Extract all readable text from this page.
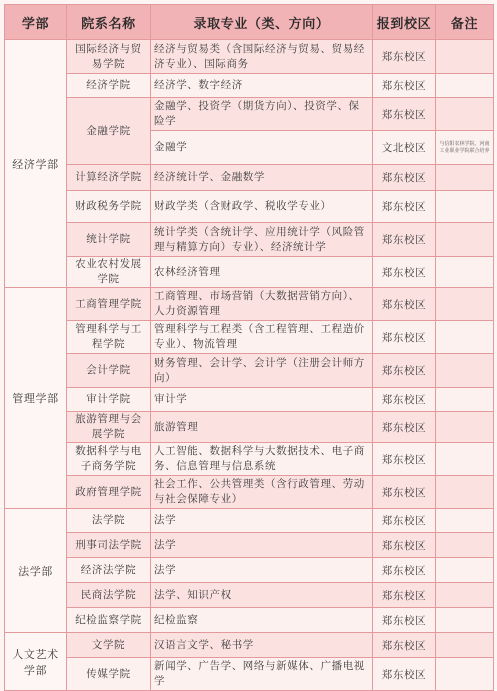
学部	院系名称	录取专业（类、方向）	报到校区	备注
经济学部	国际经济与贸易学院	经济与贸易类（含国际经济与贸易、贸易经济专业）、国际商务	郑东校区	
	经济学院	经济学、数字经济	郑东校区	
	金融学院	金融学、投资学（期货方向）、投资学、保险学	郑东校区	
		金融学	文北校区	与信阳农林学院、河南工业职业学院联合培养
	计算经济学院	经济统计学、金融数学	郑东校区	
	财政税务学院	财政学类（含财政学、税收学专业）	郑东校区	
	统计学院	统计学类（含统计学、应用统计学（风险管理与精算方向）专业）、经济统计学	郑东校区	
	农业农村发展学院	农林经济管理	郑东校区	
管理学部	工商管理学院	工商管理、市场营销（大数据营销方向）、人力资源管理	郑东校区	
	管理科学与工程学院	管理科学与工程类（含工程管理、工程造价专业）、物流管理	郑东校区	
	会计学院	财务管理、会计学、会计学（注册会计师方向）	郑东校区	
	审计学院	审计学	郑东校区	
	旅游管理与会展学院	旅游管理	郑东校区	
	数据科学与电子商务学院	人工智能、数据科学与大数据技术、电子商务、信息管理与信息系统	郑东校区	
	政府管理学院	社会工作、公共管理类（含行政管理、劳动与社会保障专业）	郑东校区	
法学部	法学院	法学	郑东校区	
	刑事司法学院	法学	郑东校区	
	经济法学院	法学	郑东校区	
	民商法学院	法学、知识产权	郑东校区	
	纪检监察学院	纪检监察	郑东校区	
人文艺术学部	文学院	汉语言文学、秘书学	郑东校区	
	传媒学院	新闻学、广告学、网络与新媒体、广播电视学	郑东校区	
